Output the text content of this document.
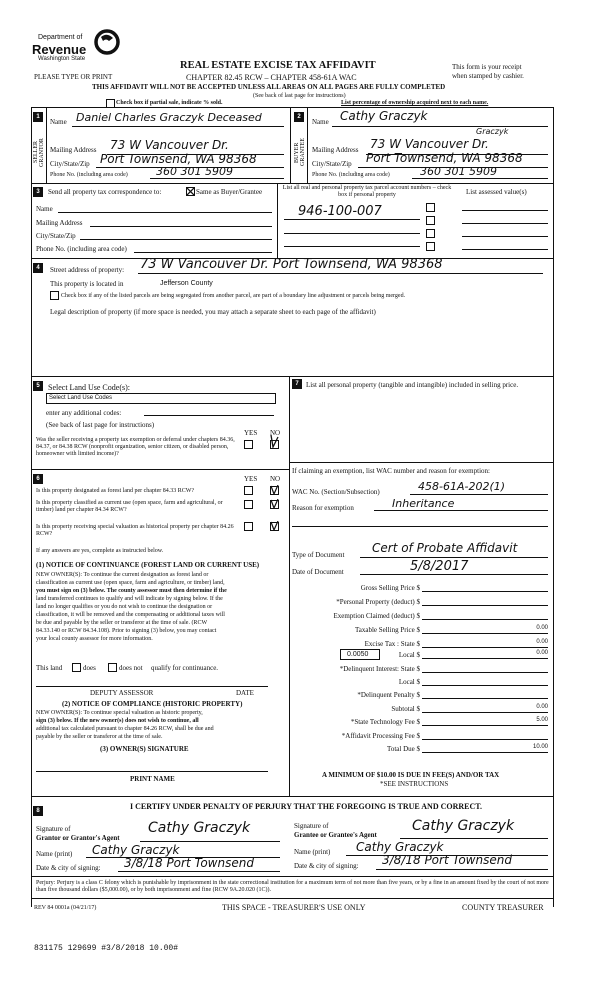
Department of
Revenue
Washington State
PLEASE TYPE OR PRINT
REAL ESTATE EXCISE TAX AFFIDAVIT
CHAPTER 82.45 RCW – CHAPTER 458-61A WAC
This form is your receipt
when stamped by cashier.
THIS AFFIDAVIT WILL NOT BE ACCEPTED UNLESS ALL AREAS ON ALL PAGES ARE FULLY COMPLETED
(See back of last page for instructions)
Check box if partial sale, indicate % sold.	List percentage of ownership acquired next to each name.
1
SELLER GRANTOR
Name Daniel Charles Graczyk Deceased
Mailing Address 73 W Vancouver Dr.
City/State/Zip Port Townsend, WA 98368
Phone No. (including area code)	360 301 5909
2
BUYER GRANTEE
Name Cathy Graczyk
Graczyk
Mailing Address 73 W Vancouver Dr.
City/State/Zip Port Townsend, WA 98368
Phone No. (including area code)	360 301 5909
3	Send all property tax correspondence to:	Same as Buyer/Grantee
Name
Mailing Address
City/State/Zip
Phone No. (including area code)
List all real and personal property tax parcel account numbers – check box if personal property	List assessed value(s)
946-100-007
4	Street address of property: 73 W Vancouver Dr. Port Townsend, WA 98368
This property is located in	Jefferson County
Check box if any of the listed parcels are being segregated from another parcel, are part of a boundary line adjustment or parcels being merged.
Legal description of property (if more space is needed, you may attach a separate sheet to each page of the affidavit)
5	Select Land Use Code(s):
Select Land Use Codes
enter any additional codes:
(See back of last page for instructions)
YES NO
Was the seller receiving a property tax exemption or deferral under chapters 84.36, 84.37, or 84.38 RCW (nonprofit organization, senior citizen, or disabled person, homeowner with limited income)?
6	YES NO
Is this property designated as forest land per chapter 84.33 RCW?
Is this property classified as current use (open space, farm and agricultural, or timber) land per chapter 84.34 RCW?
Is this property receiving special valuation as historical property per chapter 84.26 RCW?
If any answers are yes, complete as instructed below.
(1) NOTICE OF CONTINUANCE (FOREST LAND OR CURRENT USE)
NEW OWNER(S): To continue the current designation as forest land or
classification as current use (open space, farm and agriculture, or timber) land,
you must sign on (3) below. The county assessor must then determine if the
land transferred continues to qualify and will indicate by signing below. If the
land no longer qualifies or you do not wish to continue the designation or
classification, it will be removed and the compensating or additional taxes will
be due and payable by the seller or transferor at the time of sale. (RCW
84.33.140 or RCW 84.34.108). Prior to signing (3) below, you may contact
your local county assessor for more information.
This land	does	does not qualify for continuance.
DEPUTY ASSESSOR	DATE
(2) NOTICE OF COMPLIANCE (HISTORIC PROPERTY)
NEW OWNER(S): To continue special valuation as historic property,
sign (3) below. If the new owner(s) does not wish to continue, all
additional tax calculated pursuant to chapter 84.26 RCW, shall be due and
payable by the seller or transferor at the time of sale.
(3) OWNER(S) SIGNATURE
PRINT NAME
7	List all personal property (tangible and intangible) included in selling price.
If claiming an exemption, list WAC number and reason for exemption:
WAC No. (Section/Subsection)	458-61A-202(1)
Reason for exemption	Inheritance
Type of Document Cert of Probate Affidavit
Date of Document	5/8/2017
Gross Selling Price $
*Personal Property (deduct) $
Exemption Claimed (deduct) $
Taxable Selling Price $	0.00
Excise Tax : State $	0.00
0.0050	Local $	0.00
*Delinquent Interest: State $
Local $
*Delinquent Penalty $
Subtotal $	0.00
*State Technology Fee $	5.00
*Affidavit Processing Fee $
Total Due $	10.00
A MINIMUM OF $10.00 IS DUE IN FEE(S) AND/OR TAX
*SEE INSTRUCTIONS
8	I CERTIFY UNDER PENALTY OF PERJURY THAT THE FOREGOING IS TRUE AND CORRECT.
Signature of
Grantor or Grantor's Agent
Cathy Graczyk
Name (print) Cathy Graczyk
Date & city of signing: 3/8/18 Port Townsend
Signature of
Grantee or Grantee's Agent
Cathy Graczyk
Name (print) Cathy Graczyk
Date & city of signing: 3/8/18 Port Townsend
Perjury: Perjury is a class C felony which is punishable by imprisonment in the state correctional institution for a maximum term of not more than five years, or by a fine in an amount fixed by the court of not more than five thousand dollars ($5,000.00), or by both imprisonment and fine (RCW 9A.20.020 (1C)).
REV 84 0001a (04/21/17)	THIS SPACE - TREASURER'S USE ONLY	COUNTY TREASURER
831175 129699 #3/8/2018 10.00#
